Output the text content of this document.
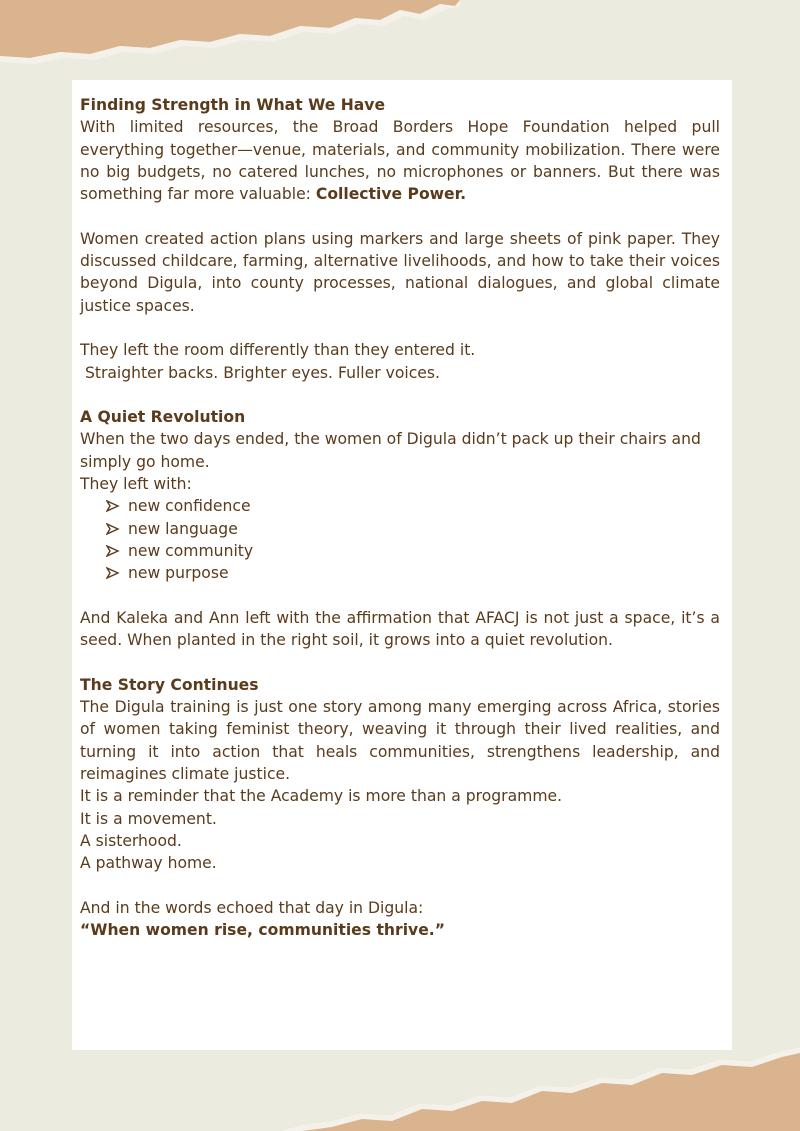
Finding Strength in What We Have

With limited resources, the Broad Borders Hope Foundation helped pull everything together—venue, materials, and community mobilization. There were no big budgets, no catered lunches, no microphones or banners. But there was something far more valuable: Collective Power.

Women created action plans using markers and large sheets of pink paper. They discussed childcare, farming, alternative livelihoods, and how to take their voices beyond Digula, into county processes, national dialogues, and global climate justice spaces.

They left the room differently than they entered it.

Straighter backs. Brighter eyes. Fuller voices.

A Quiet Revolution

When the two days ended, the women of Digula didn’t pack up their chairs and simply go home.

They left with:

new confidence
new language
new community
new purpose

And Kaleka and Ann left with the affirmation that AFACJ is not just a space, it’s a seed. When planted in the right soil, it grows into a quiet revolution.

The Story Continues

The Digula training is just one story among many emerging across Africa, stories of women taking feminist theory, weaving it through their lived realities, and turning it into action that heals communities, strengthens leadership, and reimagines climate justice.

It is a reminder that the Academy is more than a programme.

It is a movement.

A sisterhood.

A pathway home.

And in the words echoed that day in Digula:

“When women rise, communities thrive.”
